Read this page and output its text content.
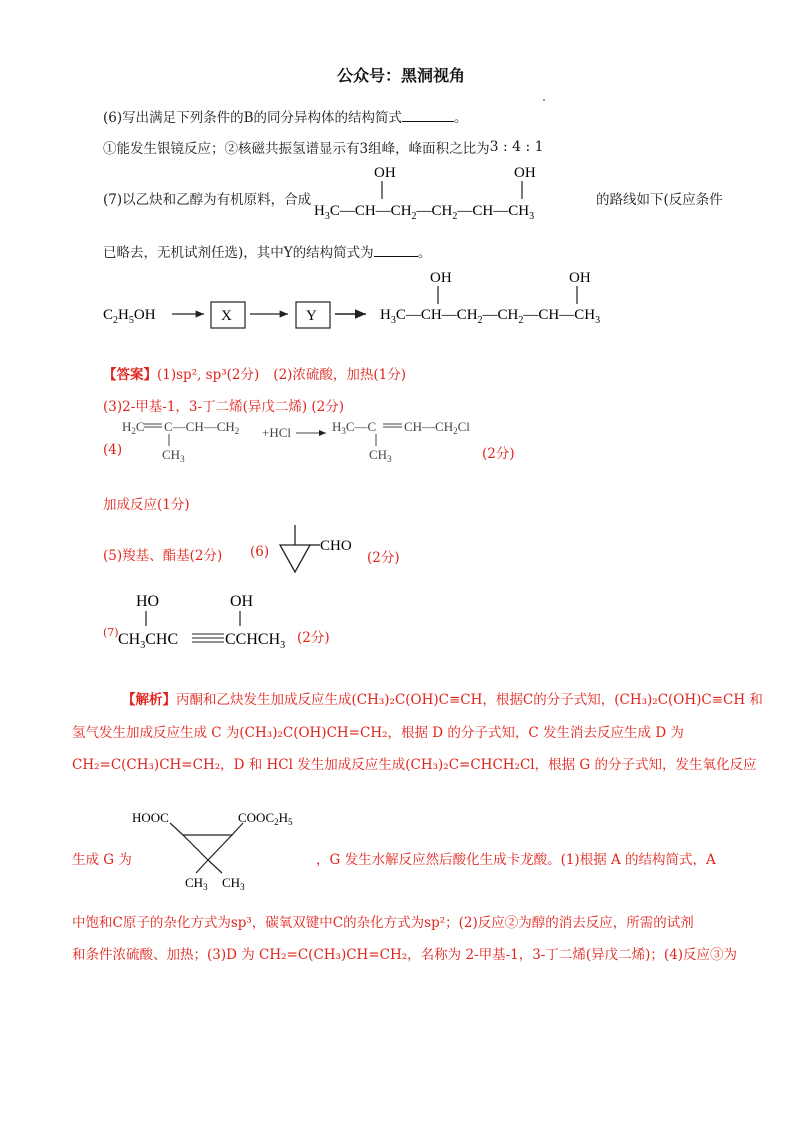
公众号：黑洞视角
(6)写出满足下列条件的B的同分异构体的结构简式	。
①能发生银镜反应；②核磁共振氢谱显示有3组峰，峰面积之比为3 : 4 : 1
(7)以乙炔和乙醇为有机原料，合成
OH	OH
$H_3C—CH—CH_2—CH_2—CH—CH_3$
的路线如下(反应条件
已略去，无机试剂任选)，其中Y的结构简式为	。
$C_2H_5OH$	X	Y
OH	OH
$H_3C—CH—CH_2—CH_2—CH—CH_3$
【答案】(1)sp², sp³(2分) (2)浓硫酸，加热(1分)
(3)2-甲基-1，3-丁二烯(异戊二烯) (2分)
(4)
$H_2C$ $C—CH—CH_2$
$CH_3$
+HCl	$H_3C—C$ $CH—CH_2Cl$
$CH_3$	(2分)
加成反应(1分)
(5)羧基、酯基(2分) (6)	CHO
(2分)
HO	OH
$CH_3CHC$	$CCHCH_3$
(7)	(2分)
【解析】丙酮和乙炔发生加成反应生成(CH₃)₂C(OH)C≡CH，根据C的分子式知，(CH₃)₂C(OH)C≡CH 和
氢气发生加成反应生成 C 为(CH₃)₂C(OH)CH=CH₂，根据 D 的分子式知，C 发生消去反应生成 D 为
CH₂=C(CH₃)CH=CH₂，D 和 HCl 发生加成反应生成(CH₃)₂C=CHCH₂Cl，根据 G 的分子式知，发生氧化反应
生成 G 为
HOOC	$COOC_2H_5$
$CH_3$ $CH_3$
，G 发生水解反应然后酸化生成卡龙酸。(1)根据 A 的结构简式，A
中饱和C原子的杂化方式为sp³，碳氧双键中C的杂化方式为sp²；(2)反应②为醇的消去反应，所需的试剂
和条件浓硫酸、加热；(3)D 为 CH₂=C(CH₃)CH=CH₂，名称为 2-甲基-1，3-丁二烯(异戊二烯)；(4)反应③为
